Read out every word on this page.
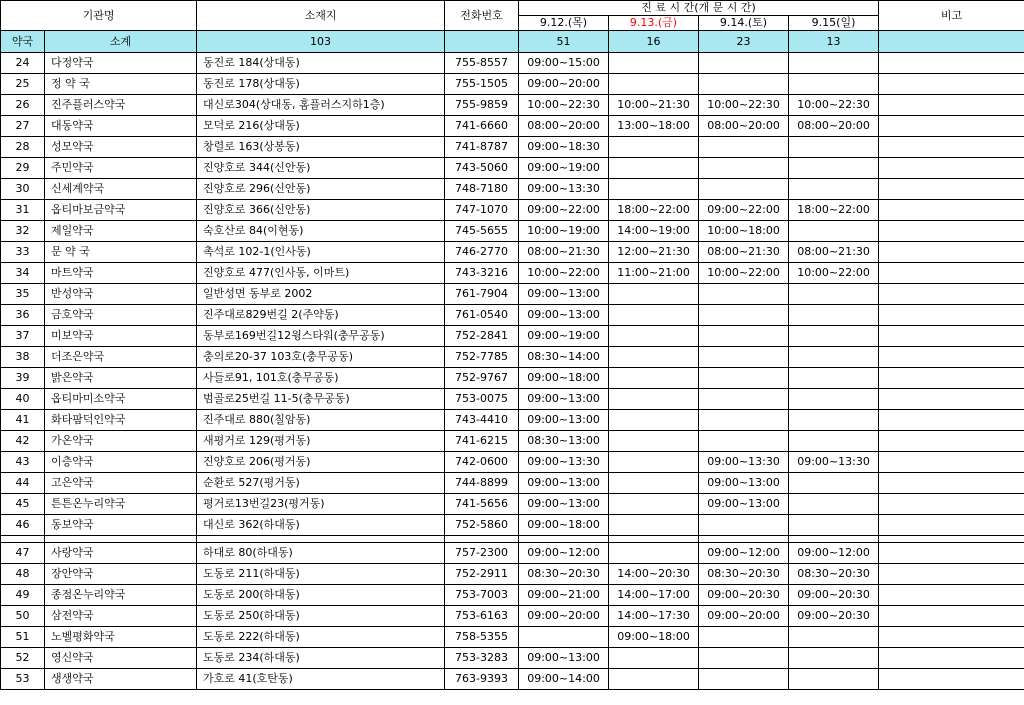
기관명		소재지	전화번호	진 료 시 간(개 문 시 간)				비고
				9.12.(목)	9.13.(금)	9.14.(토)	9.15(일)	
약국	소계	103		51	16	23	13	
24	다정약국	동진로 184(상대동)	755-8557	09:00~15:00				
25	정 약 국	동진로 178(상대동)	755-1505	09:00~20:00				
26	진주플러스약국	대신로304(상대동, 홈플러스지하1층)	755-9859	10:00~22:30	10:00~21:30	10:00~22:30	10:00~22:30	
27	대동약국	모덕로 216(상대동)	741-6660	08:00~20:00	13:00~18:00	08:00~20:00	08:00~20:00	
28	성모약국	창렬로 163(상봉동)	741-8787	09:00~18:30				
29	주민약국	진양호로 344(신안동)	743-5060	09:00~19:00				
30	신세계약국	진양호로 296(신안동)	748-7180	09:00~13:30				
31	옵티마보금약국	진양호로 366(신안동)	747-1070	09:00~22:00	18:00~22:00	09:00~22:00	18:00~22:00	
32	제일약국	숙호산로 84(이현동)	745-5655	10:00~19:00	14:00~19:00	10:00~18:00		
33	문 약 국	촉석로 102-1(인사동)	746-2770	08:00~21:30	12:00~21:30	08:00~21:30	08:00~21:30	
34	마트약국	진양호로 477(인사동, 이마트)	743-3216	10:00~22:00	11:00~21:00	10:00~22:00	10:00~22:00	
35	반성약국	일반성면 동부로 2002	761-7904	09:00~13:00				
36	금호약국	진주대로829번길 2(주약동)	761-0540	09:00~13:00				
37	미보약국	동부로169번길12윙스타워(충무공동)	752-2841	09:00~19:00				
38	더조은약국	충의로20-37 103호(충무공동)	752-7785	08:30~14:00				
39	밝은약국	사들로91, 101호(충무공동)	752-9767	09:00~18:00				
40	옵티마미소약국	범골로25번길 11-5(충무공동)	753-0075	09:00~13:00				
41	화타팜덕인약국	진주대로 880(칠암동)	743-4410	09:00~13:00				
42	가온약국	새평거로 129(평거동)	741-6215	08:30~13:00				
43	이층약국	진양호로 206(평거동)	742-0600	09:00~13:30		09:00~13:30	09:00~13:30	
44	고은약국	순환로 527(평거동)	744-8899	09:00~13:00		09:00~13:00		
45	튼튼온누리약국	평거로13번길23(평거동)	741-5656	09:00~13:00		09:00~13:00		
46	동보약국	대신로 362(하대동)	752-5860	09:00~18:00				

47	사랑약국	하대로 80(하대동)	757-2300	09:00~12:00		09:00~12:00	09:00~12:00	
48	장안약국	도동로 211(하대동)	752-2911	08:30~20:30	14:00~20:30	08:30~20:30	08:30~20:30	
49	종점온누리약국	도동로 200(하대동)	753-7003	09:00~21:00	14:00~17:00	09:00~20:30	09:00~20:30	
50	삼전약국	도동로 250(하대동)	753-6163	09:00~20:00	14:00~17:30	09:00~20:00	09:00~20:30	
51	노벨평화약국	도동로 222(하대동)	758-5355		09:00~18:00			
52	영신약국	도동로 234(하대동)	753-3283	09:00~13:00				
53	생생약국	가호로 41(호탄동)	763-9393	09:00~14:00				
